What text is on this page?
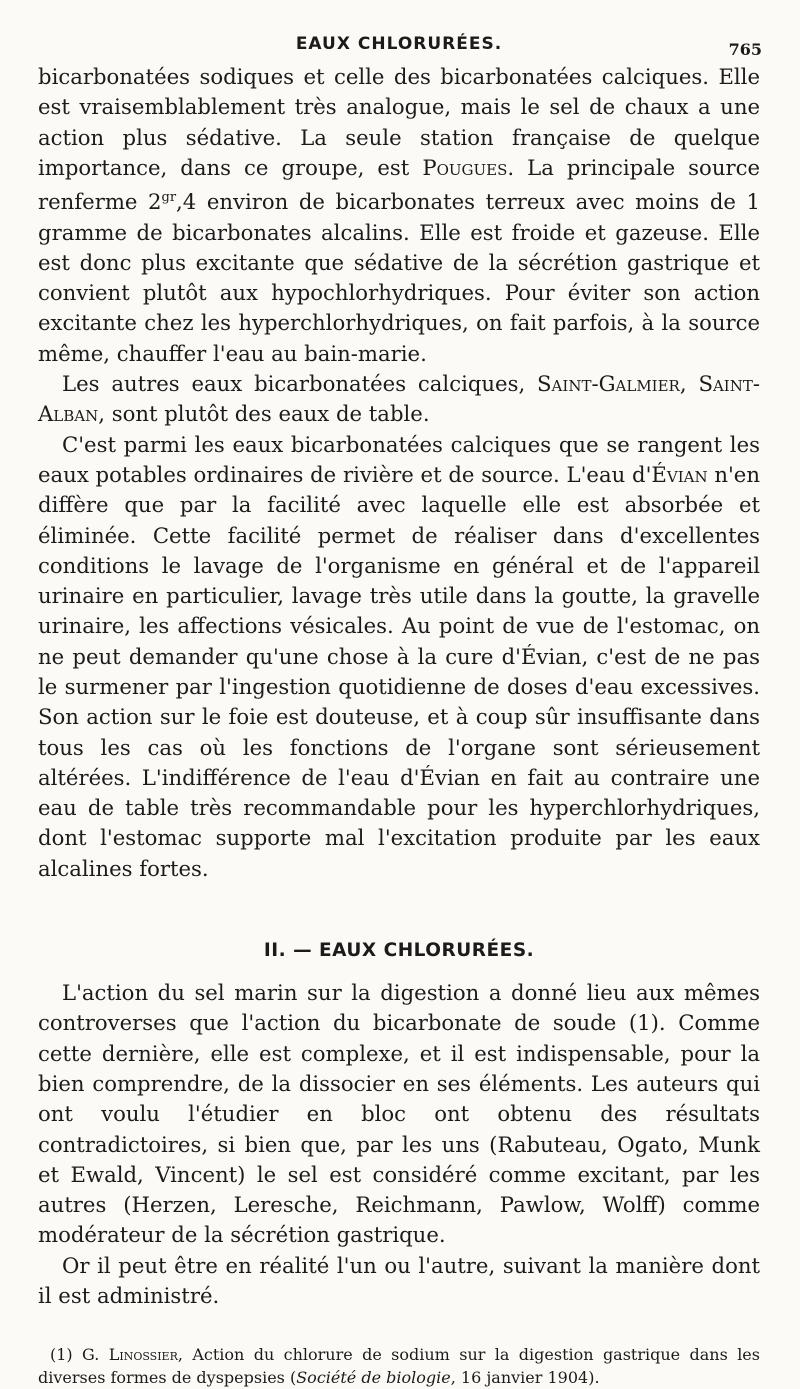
EAUX CHLORURÉES.	765

bicarbonatées sodiques et celle des bicarbonatées calciques. Elle est vraisemblablement très analogue, mais le sel de chaux a une action plus sédative. La seule station française de quelque importance, dans ce groupe, est Pougues. La principale source renferme $2^{gr},4$ environ de bicarbonates terreux avec moins de 1 gramme de bicarbonates alcalins. Elle est froide et gazeuse. Elle est donc plus excitante que sédative de la sécrétion gastrique et convient plutôt aux hypochlorhydriques. Pour éviter son action excitante chez les hyperchlorhydriques, on fait parfois, à la source même, chauffer l'eau au bain-marie.

Les autres eaux bicarbonatées calciques, Saint-Galmier, Saint-Alban, sont plutôt des eaux de table.

C'est parmi les eaux bicarbonatées calciques que se rangent les eaux potables ordinaires de rivière et de source. L'eau d'Évian n'en diffère que par la facilité avec laquelle elle est absorbée et éliminée. Cette facilité permet de réaliser dans d'excellentes conditions le lavage de l'organisme en général et de l'appareil urinaire en particulier, lavage très utile dans la goutte, la gravelle urinaire, les affections vésicales. Au point de vue de l'estomac, on ne peut demander qu'une chose à la cure d'Évian, c'est de ne pas le surmener par l'ingestion quotidienne de doses d'eau excessives. Son action sur le foie est douteuse, et à coup sûr insuffisante dans tous les cas où les fonctions de l'organe sont sérieusement altérées. L'indifférence de l'eau d'Évian en fait au contraire une eau de table très recommandable pour les hyperchlorhydriques, dont l'estomac supporte mal l'excitation produite par les eaux alcalines fortes.

II. — EAUX CHLORURÉES.

L'action du sel marin sur la digestion a donné lieu aux mêmes controverses que l'action du bicarbonate de soude (1). Comme cette dernière, elle est complexe, et il est indispensable, pour la bien comprendre, de la dissocier en ses éléments. Les auteurs qui ont voulu l'étudier en bloc ont obtenu des résultats contradictoires, si bien que, par les uns (Rabuteau, Ogato, Munk et Ewald, Vincent) le sel est considéré comme excitant, par les autres (Herzen, Leresche, Reichmann, Pawlow, Wolff) comme modérateur de la sécrétion gastrique.

Or il peut être en réalité l'un ou l'autre, suivant la manière dont il est administré.

(1) G. Linossier, Action du chlorure de sodium sur la digestion gastrique dans les diverses formes de dyspepsies (Société de biologie, 16 janvier 1904).
